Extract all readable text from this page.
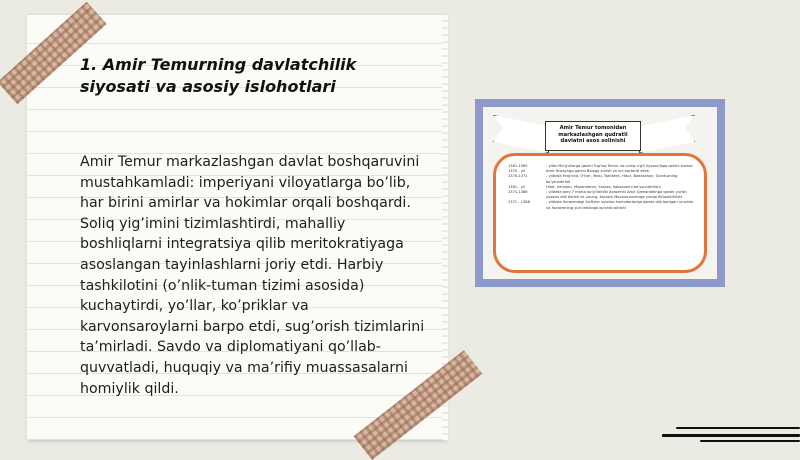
1. Amir Temurning davlatchilik siyosati va asosiy islohotlari

Amir Temur markazlashgan davlat boshqaruvini mustahkamladi: imperiyani viloyatlarga bo’lib, har birini amirlar va hokimlar orqali boshqardi. Soliq yig’imini tizimlashtirdi, mahalliy boshliqlarni integratsiya qilib meritokratiyaga asoslangan tayinlashlarni joriy etdi. Harbiy tashkilotini (o’nlik-tuman tizimi asosida) kuchaytirdi, yo’llar, ko’priklar va karvonsaroylarni barpo etdi, sug’orish tizimlarini ta’mirladi. Savdo va diplomatiyani qo’llab-quvvatladi, huquqiy va ma’rifiy muassasalarni homiylik qildi.

Amir Temur tomonidan markazlashgan qudratli davlatni asos solinishi
1361-1365	- yillar Mo'g'ullarga qarshi Tug'luq Temur va uning o'g'li Ilyosxo'jaga qarshi kurash
1370 - yil	Amir Husaynga qarshi Balxga yurish va uni bartaraf etish
1370-1371	- yillarda Farg'ona, O'tror, Yassi, Toshkent, Hisor, Badaxshon, Qunduzning bo'ysundirildi
1381 - yil	Hirot, Seriston, Mozandaron, Saraxs, Sabzavorni bo'ysundirilishi
1371-1388	- yillarda jami 7 marta bo'g'ildirilib Xorazmni Amir Qamariddinga qarshi yurish yuzalar olib borish va unung, Xorazm Movarounnahrga yunga Birlashtirilishi
1371 - 1388	- yillarda Xorazmdagi So'fiylar sulolasi hukmdorlariga qarshi olib borilgan urushlar va Xorazmning yuri tarkibiga qo'shib olinishi
